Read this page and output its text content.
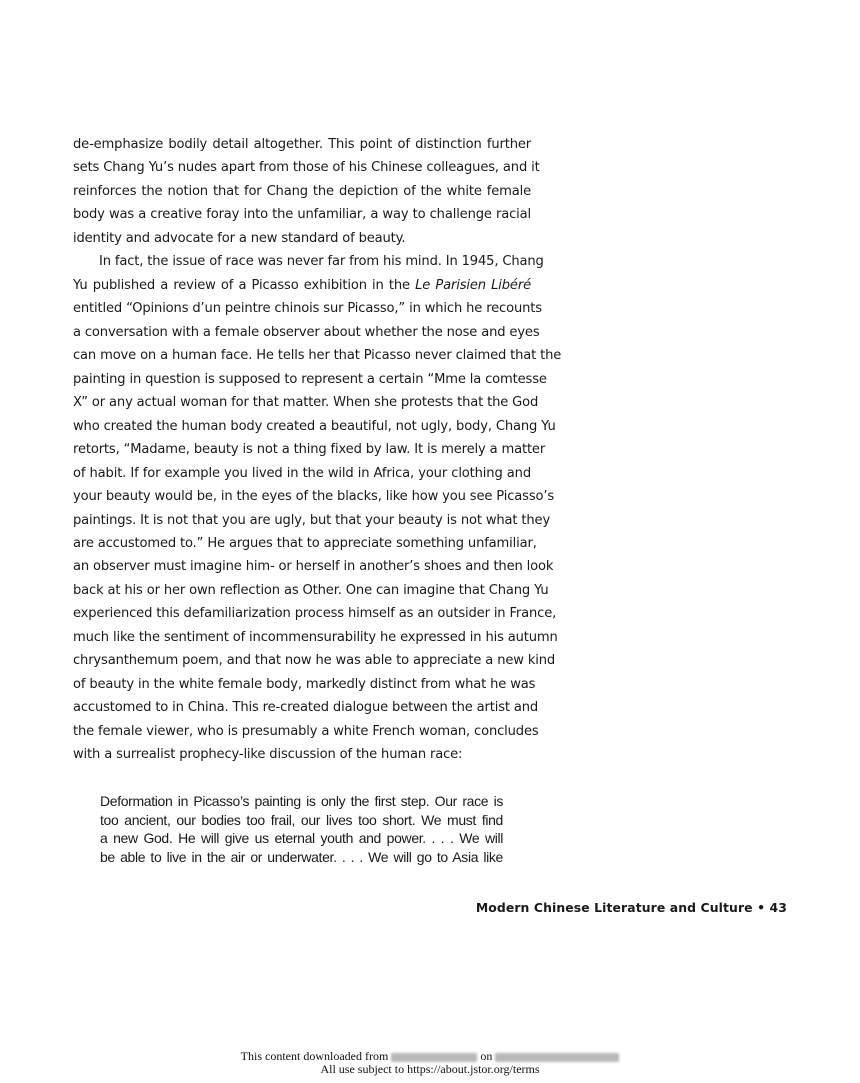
de-emphasize bodily detail altogether. This point of distinction further
sets Chang Yu’s nudes apart from those of his Chinese colleagues, and it
reinforces the notion that for Chang the depiction of the white female
body was a creative foray into the unfamiliar, a way to challenge racial
identity and advocate for a new standard of beauty.
In fact, the issue of race was never far from his mind. In 1945, Chang
Yu published a review of a Picasso exhibition in the Le Parisien Libéré
entitled “Opinions d’un peintre chinois sur Picasso,” in which he recounts
a conversation with a female observer about whether the nose and eyes
can move on a human face. He tells her that Picasso never claimed that the
painting in question is supposed to represent a certain “Mme la comtesse
X” or any actual woman for that matter. When she protests that the God
who created the human body created a beautiful, not ugly, body, Chang Yu
retorts, “Madame, beauty is not a thing fixed by law. It is merely a matter
of habit. If for example you lived in the wild in Africa, your clothing and
your beauty would be, in the eyes of the blacks, like how you see Picasso’s
paintings. It is not that you are ugly, but that your beauty is not what they
are accustomed to.” He argues that to appreciate something unfamiliar,
an observer must imagine him- or herself in another’s shoes and then look
back at his or her own reflection as Other. One can imagine that Chang Yu
experienced this defamiliarization process himself as an outsider in France,
much like the sentiment of incommensurability he expressed in his autumn
chrysanthemum poem, and that now he was able to appreciate a new kind
of beauty in the white female body, markedly distinct from what he was
accustomed to in China. This re-created dialogue between the artist and
the female viewer, who is presumably a white French woman, concludes
with a surrealist prophecy-like discussion of the human race:
Deformation in Picasso’s painting is only the first step. Our race is
too ancient, our bodies too frail, our lives too short. We must find
a new God. He will give us eternal youth and power. . . . We will
be able to live in the air or underwater. . . . We will go to Asia like
Modern Chinese Literature and Culture • 43
This content downloaded from	on
All use subject to https://about.jstor.org/terms
